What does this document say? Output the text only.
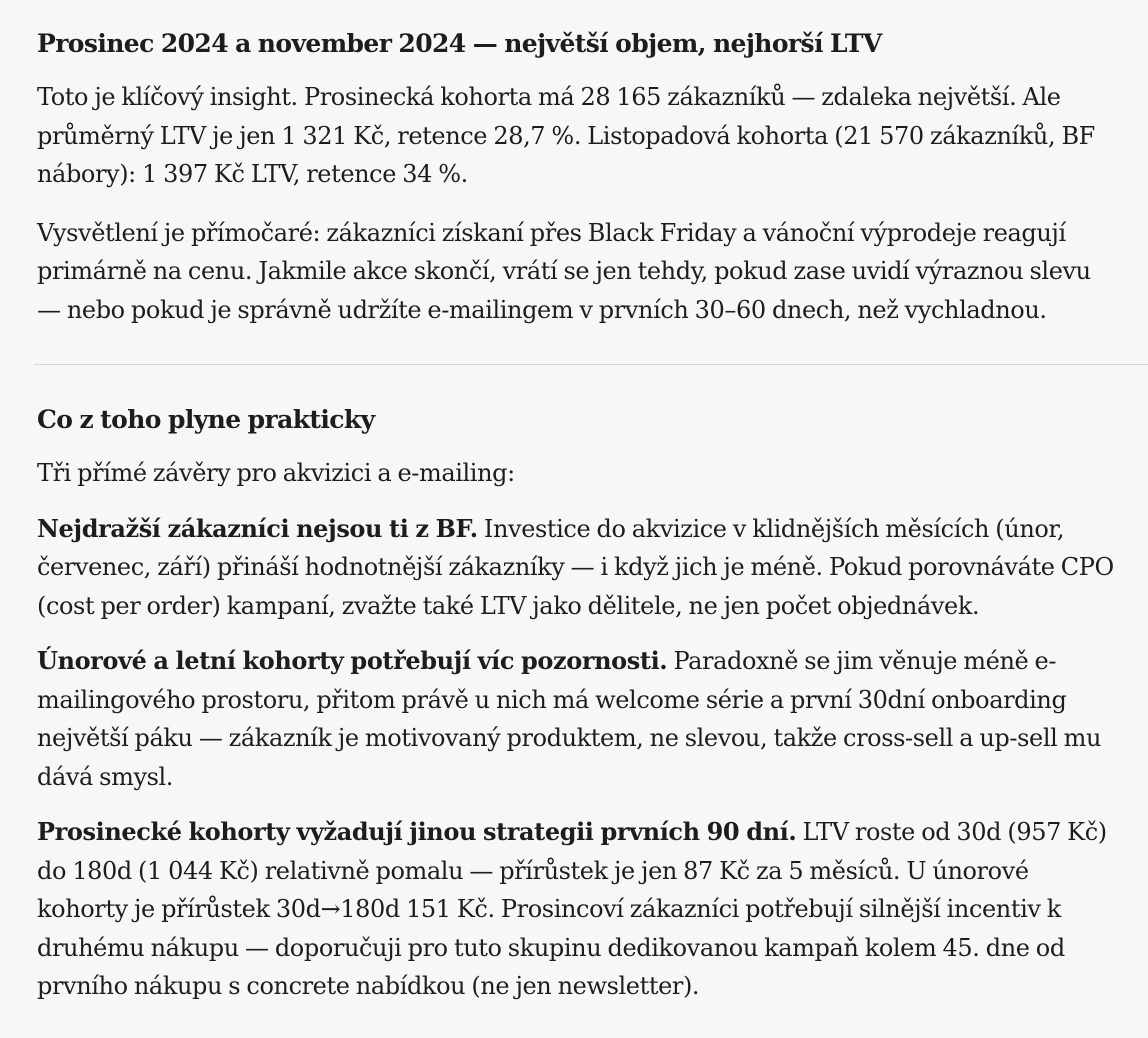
Prosinec 2024 a november 2024 — největší objem, nejhorší LTV

Toto je klíčový insight. Prosinecká kohorta má 28 165 zákazníků — zdaleka největší. Ale průměrný LTV je jen 1 321 Kč, retence 28,7 %. Listopadová kohorta (21 570 zákazníků, BF nábory): 1 397 Kč LTV, retence 34 %.

Vysvětlení je přímočaré: zákazníci získaní přes Black Friday a vánoční výprodeje reagují primárně na cenu. Jakmile akce skončí, vrátí se jen tehdy, pokud zase uvidí výraznou slevu — nebo pokud je správně udržíte e-mailingem v prvních 30–60 dnech, než vychladnou.

Co z toho plyne prakticky

Tři přímé závěry pro akvizici a e-mailing:

Nejdražší zákazníci nejsou ti z BF. Investice do akvizice v klidnějších měsících (únor, červenec, září) přináší hodnotnější zákazníky — i když jich je méně. Pokud porovnáváte CPO (cost per order) kampaní, zvažte také LTV jako dělitele, ne jen počet objednávek.

Únorové a letní kohorty potřebují víc pozornosti. Paradoxně se jim věnuje méně e-mailingového prostoru, přitom právě u nich má welcome série a první 30dní onboarding největší páku — zákazník je motivovaný produktem, ne slevou, takže cross-sell a up-sell mu dává smysl.

Prosinecké kohorty vyžadují jinou strategii prvních 90 dní. LTV roste od 30d (957 Kč) do 180d (1 044 Kč) relativně pomalu — přírůstek je jen 87 Kč za 5 měsíců. U únorové kohorty je přírůstek 30d→180d 151 Kč. Prosincoví zákazníci potřebují silnější incentiv k druhému nákupu — doporučuji pro tuto skupinu dedikovanou kampaň kolem 45. dne od prvního nákupu s concrete nabídkou (ne jen newsletter).
